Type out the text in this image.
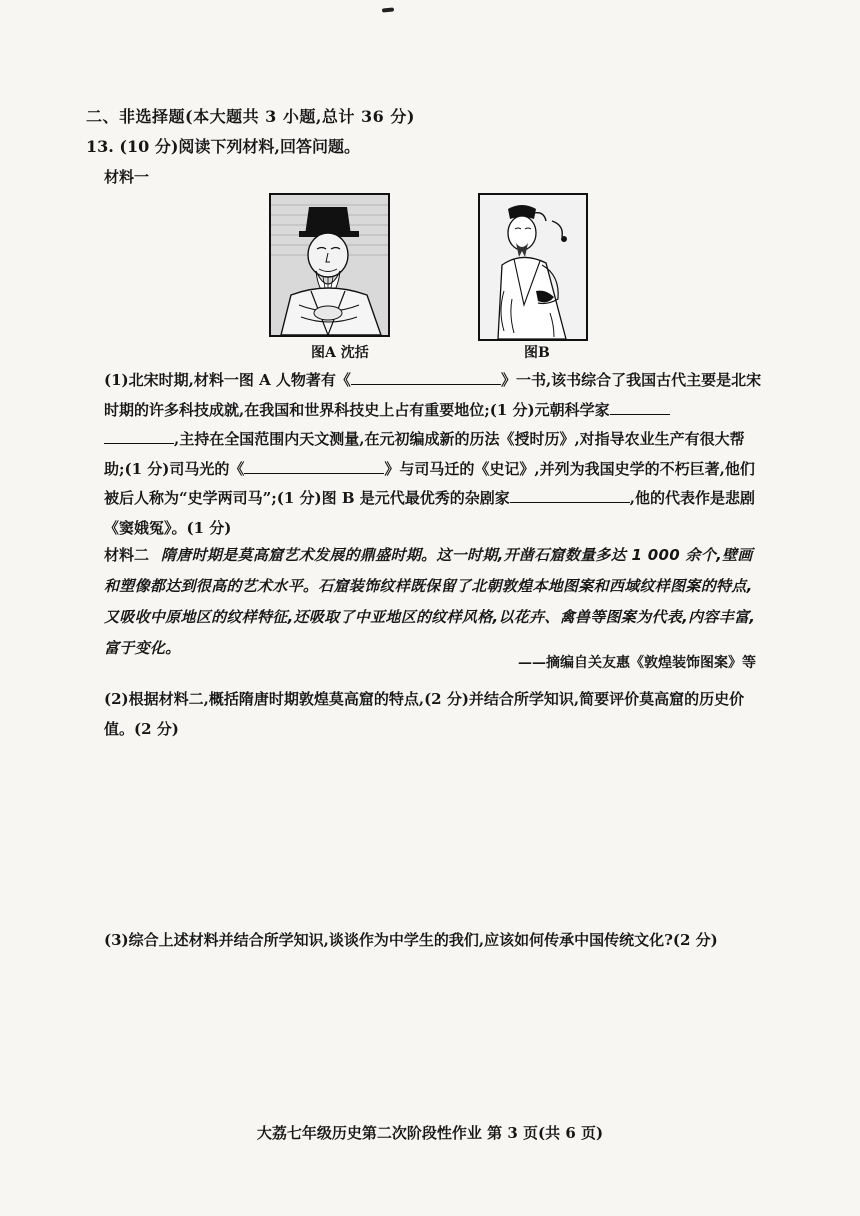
二、非选择题(本大题共 3 小题,总计 36 分)
13. (10 分)阅读下列材料,回答问题。
材料一
图A 沈括	图B
(1)北宋时期,材料一图 A 人物著有《	》一书,该书综合了我国古代主要是北宋时期的许多科技成就,在我国和世界科技史上占有重要地位;(1 分)元朝科学家
,主持在全国范围内天文测量,在元初编成新的历法《授时历》,对指导农业生产有很大帮助;(1 分)司马光的《	》与司马迁的《史记》,并列为我国史学的不朽巨著,他们被后人称为“史学两司马”;(1 分)图 B 是元代最优秀的杂剧家	,他的代表作是悲剧《窦娥冤》。(1 分)
材料二 隋唐时期是莫高窟艺术发展的鼎盛时期。这一时期,开凿石窟数量多达 1 000 余个,壁画和塑像都达到很高的艺术水平。石窟装饰纹样既保留了北朝敦煌本地图案和西域纹样图案的特点,又吸收中原地区的纹样特征,还吸取了中亚地区的纹样风格,以花卉、禽兽等图案为代表,内容丰富,富于变化。
——摘编自关友惠《敦煌装饰图案》等
(2)根据材料二,概括隋唐时期敦煌莫高窟的特点,(2 分)并结合所学知识,简要评价莫高窟的历史价值。(2 分)
(3)综合上述材料并结合所学知识,谈谈作为中学生的我们,应该如何传承中国传统文化?(2 分)
大荔七年级历史第二次阶段性作业 第 3 页(共 6 页)
